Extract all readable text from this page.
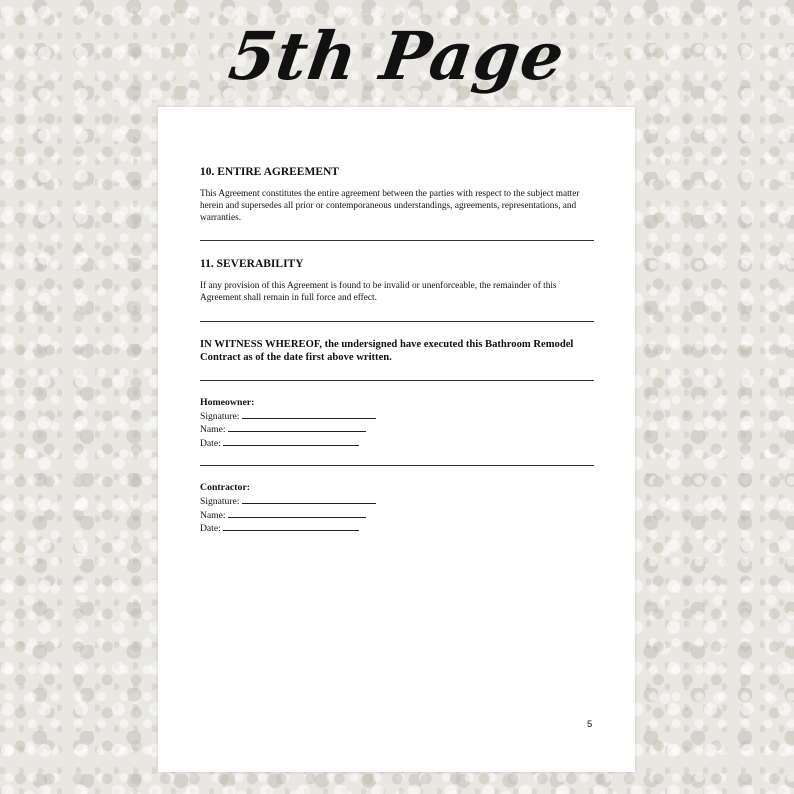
5th Page
10. ENTIRE AGREEMENT

This Agreement constitutes the entire agreement between the parties with respect to the subject matter herein and supersedes all prior or contemporaneous understandings, agreements, representations, and warranties.

11. SEVERABILITY

If any provision of this Agreement is found to be invalid or unenforceable, the remainder of this Agreement shall remain in full force and effect.

IN WITNESS WHEREOF, the undersigned have executed this Bathroom Remodel Contract as of the date first above written.

Homeowner:
Signature:
Name:
Date:
Contractor:
Signature:
Name:
Date:
5
